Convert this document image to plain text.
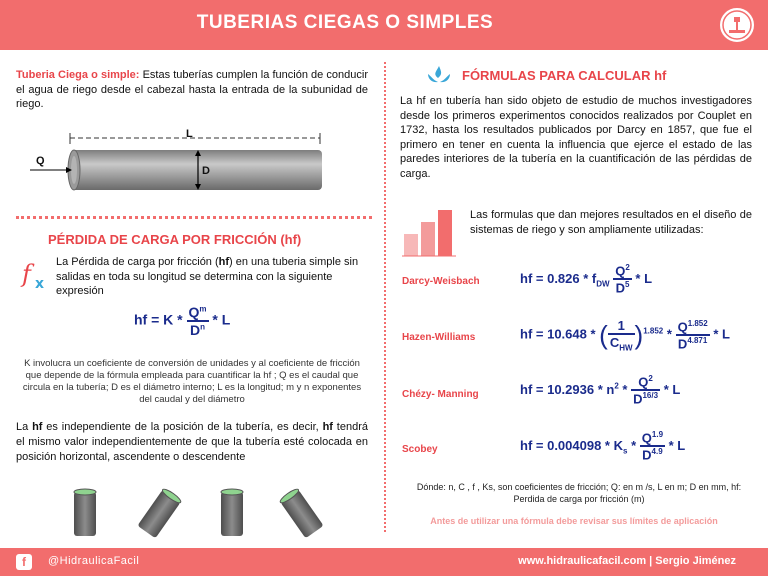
TUBERIAS CIEGAS O SIMPLES
Tuberia Ciega o simple: Estas tuberías cumplen la función de conducir el agua de riego desde el cabezal hasta la entrada de la subunidad de riego.
L
Q
D
PÉRDIDA DE CARGA POR FRICCIÓN (hf)
f x
La Pérdida de carga por fricción (hf) en una tuberia simple sin salidas en toda su longitud se determina con la siguiente expresión
hf = K * $\frac{Q^m}{D^n}$ * L
K involucra un coeficiente de conversión de unidades y al coeficiente de fricción que depende de la fórmula empleada para cuantificar la hf ; Q es el caudal que circula en la tubería; D es el diámetro interno; L es la longitud; m y n exponentes del caudal y del diámetro
La hf es independiente de la posición de la tubería, es decir, hf tendrá el mismo valor independientemente de que la tubería esté colocada en posición horizontal, ascendente o descendente
FÓRMULAS PARA CALCULAR hf
La hf en tubería han sido objeto de estudio de muchos investigadores desde los primeros experimentos conocidos realizados por Couplet en 1732, hasta los resultados publicados por Darcy en 1857, que fue el primero en tener en cuenta la influencia que ejerce el estado de las paredes interiores de la tubería en la cuantificación de las pérdidas de carga.
Las formulas que dan mejores resultados en el diseño de sistemas de riego y son ampliamente utilizadas:
Darcy-Weisbach	hf = $0.826 * f_{DW} \frac{Q^2}{D^5}$ * L
Hazen-Williams	hf = 10.648 * ( $\frac{1}{C_{HW}} )^{1.852} * \frac{Q^{1.852}}{D^{4.871}}$ * L
Chézy- Manning	hf = $10.2936 * n^2 * \frac{Q^2}{D^{16/3}}$ * L
Scobey	hf = $0.004098 * K_s * \frac{Q^{1.9}}{D^{4.9}}$ * L
Dónde: n, C , f , Ks, son coeficientes de fricción; Q: en m /s, L en m; D en mm, hf: Perdida de carga por fricción (m)
Antes de utilizar una fórmula debe revisar sus límites de aplicación
f	@HidraulicaFacil	www.hidraulicafacil.com | Sergio Jiménez
